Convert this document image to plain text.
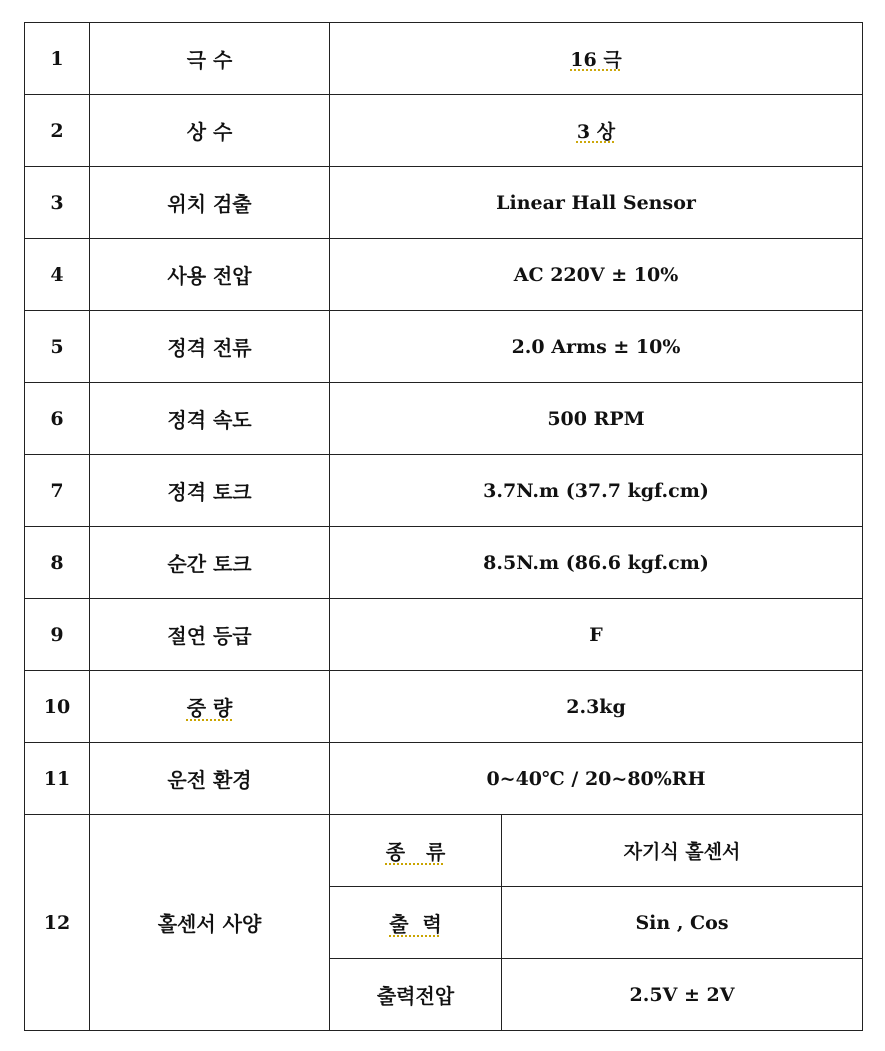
1	극 수	16 극	
2	상 수	3 상	
3	위치 검출	Linear Hall Sensor	
4	사용 전압	AC 220V ± 10%	
5	정격 전류	2.0 Arms ± 10%	
6	정격 속도	500 RPM	
7	정격 토크	3.7N.m (37.7 kgf.cm)	
8	순간 토크	8.5N.m (86.6 kgf.cm)	
9	절연 등급	F	
10	중 량	2.3kg	
11	운전 환경	0~40℃ / 20~80%RH	
12	홀센서 사양	종   류	자기식 홀센서
		출  력	Sin , Cos
		출력전압	2.5V ± 2V
